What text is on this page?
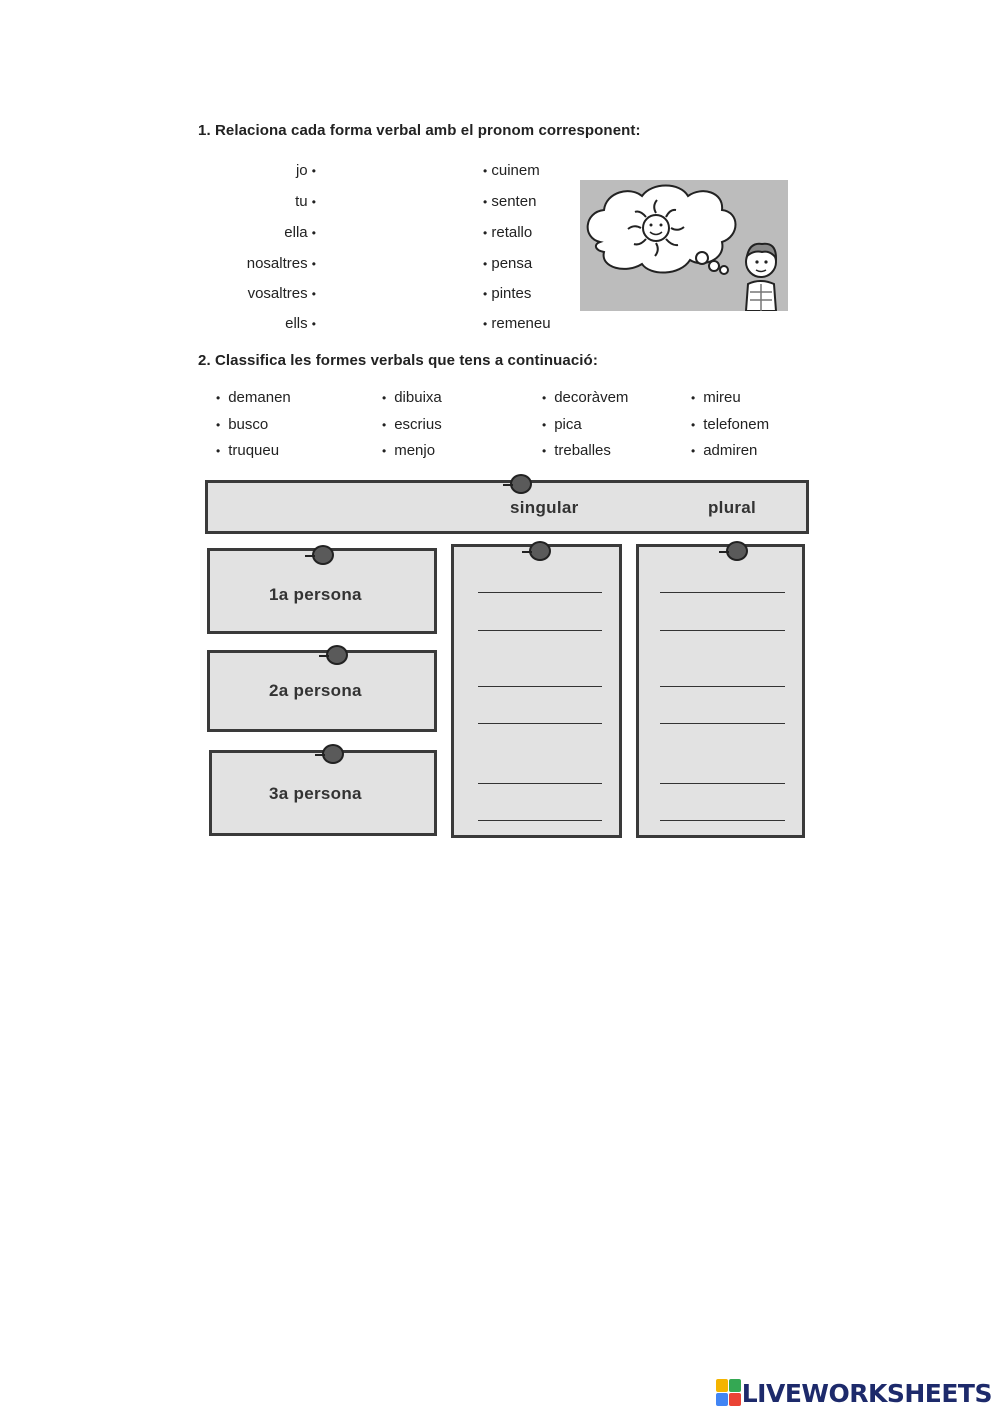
1. Relaciona cada forma verbal amb el pronom corresponent:
jo •
tu •
ella •
nosaltres •
vosaltres •
ells •
• cuinem
• senten
• retallo
• pensa
• pintes
• remeneu
2. Classifica les formes verbals que tens a continuació:
• demanen
• busco
• truqueu
• dibuixa
• escrius
• menjo
• decoràvem
• pica
• treballes
• mireu
• telefonem
• admiren
singular	plural
1a persona
2a persona
3a persona
LIVEWORKSHEETS
